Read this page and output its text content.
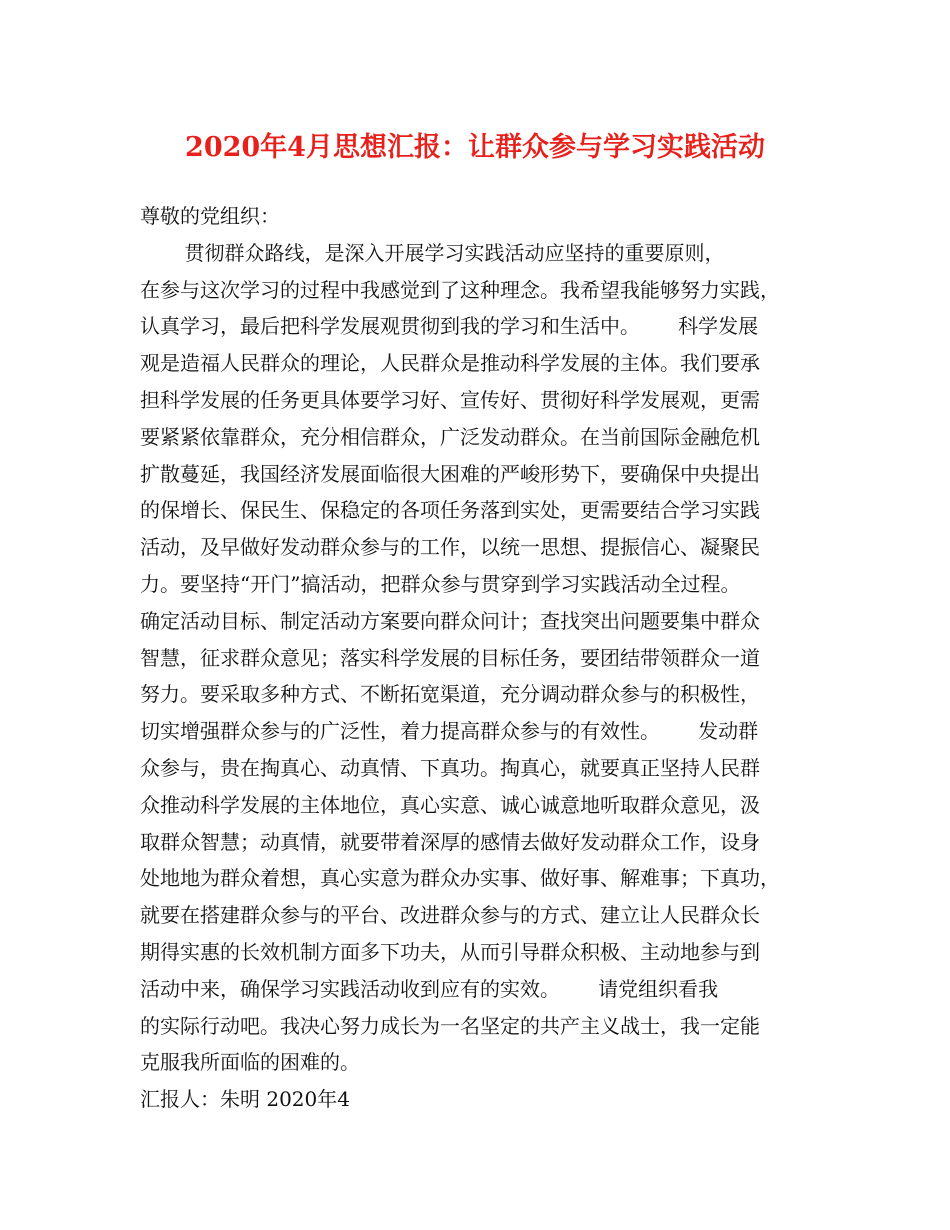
2020年4月思想汇报：让群众参与学习实践活动

尊敬的党组织：

贯彻群众路线，是深入开展学习实践活动应坚持的重要原则，

在参与这次学习的过程中我感觉到了这种理念。我希望我能够努力实践，

认真学习，最后把科学发展观贯彻到我的学习和生活中。      科学发展

观是造福人民群众的理论，人民群众是推动科学发展的主体。我们要承

担科学发展的任务更具体要学习好、宣传好、贯彻好科学发展观，更需

要紧紧依靠群众，充分相信群众，广泛发动群众。在当前国际金融危机

扩散蔓延，我国经济发展面临很大困难的严峻形势下，要确保中央提出

的保增长、保民生、保稳定的各项任务落到实处，更需要结合学习实践

活动，及早做好发动群众参与的工作，以统一思想、提振信心、凝聚民

力。要坚持“开门”搞活动，把群众参与贯穿到学习实践活动全过程。

确定活动目标、制定活动方案要向群众问计；查找突出问题要集中群众

智慧，征求群众意见；落实科学发展的目标任务，要团结带领群众一道

努力。要采取多种方式、不断拓宽渠道，充分调动群众参与的积极性，

切实增强群众参与的广泛性，着力提高群众参与的有效性。      发动群

众参与，贵在掏真心、动真情、下真功。掏真心，就要真正坚持人民群

众推动科学发展的主体地位，真心实意、诚心诚意地听取群众意见，汲

取群众智慧；动真情，就要带着深厚的感情去做好发动群众工作，设身

处地地为群众着想，真心实意为群众办实事、做好事、解难事；下真功，

就要在搭建群众参与的平台、改进群众参与的方式、建立让人民群众长

期得实惠的长效机制方面多下功夫，从而引导群众积极、主动地参与到

活动中来，确保学习实践活动收到应有的实效。      请党组织看我

的实际行动吧。我决心努力成长为一名坚定的共产主义战士，我一定能

克服我所面临的困难的。

汇报人：朱明 2020年4
